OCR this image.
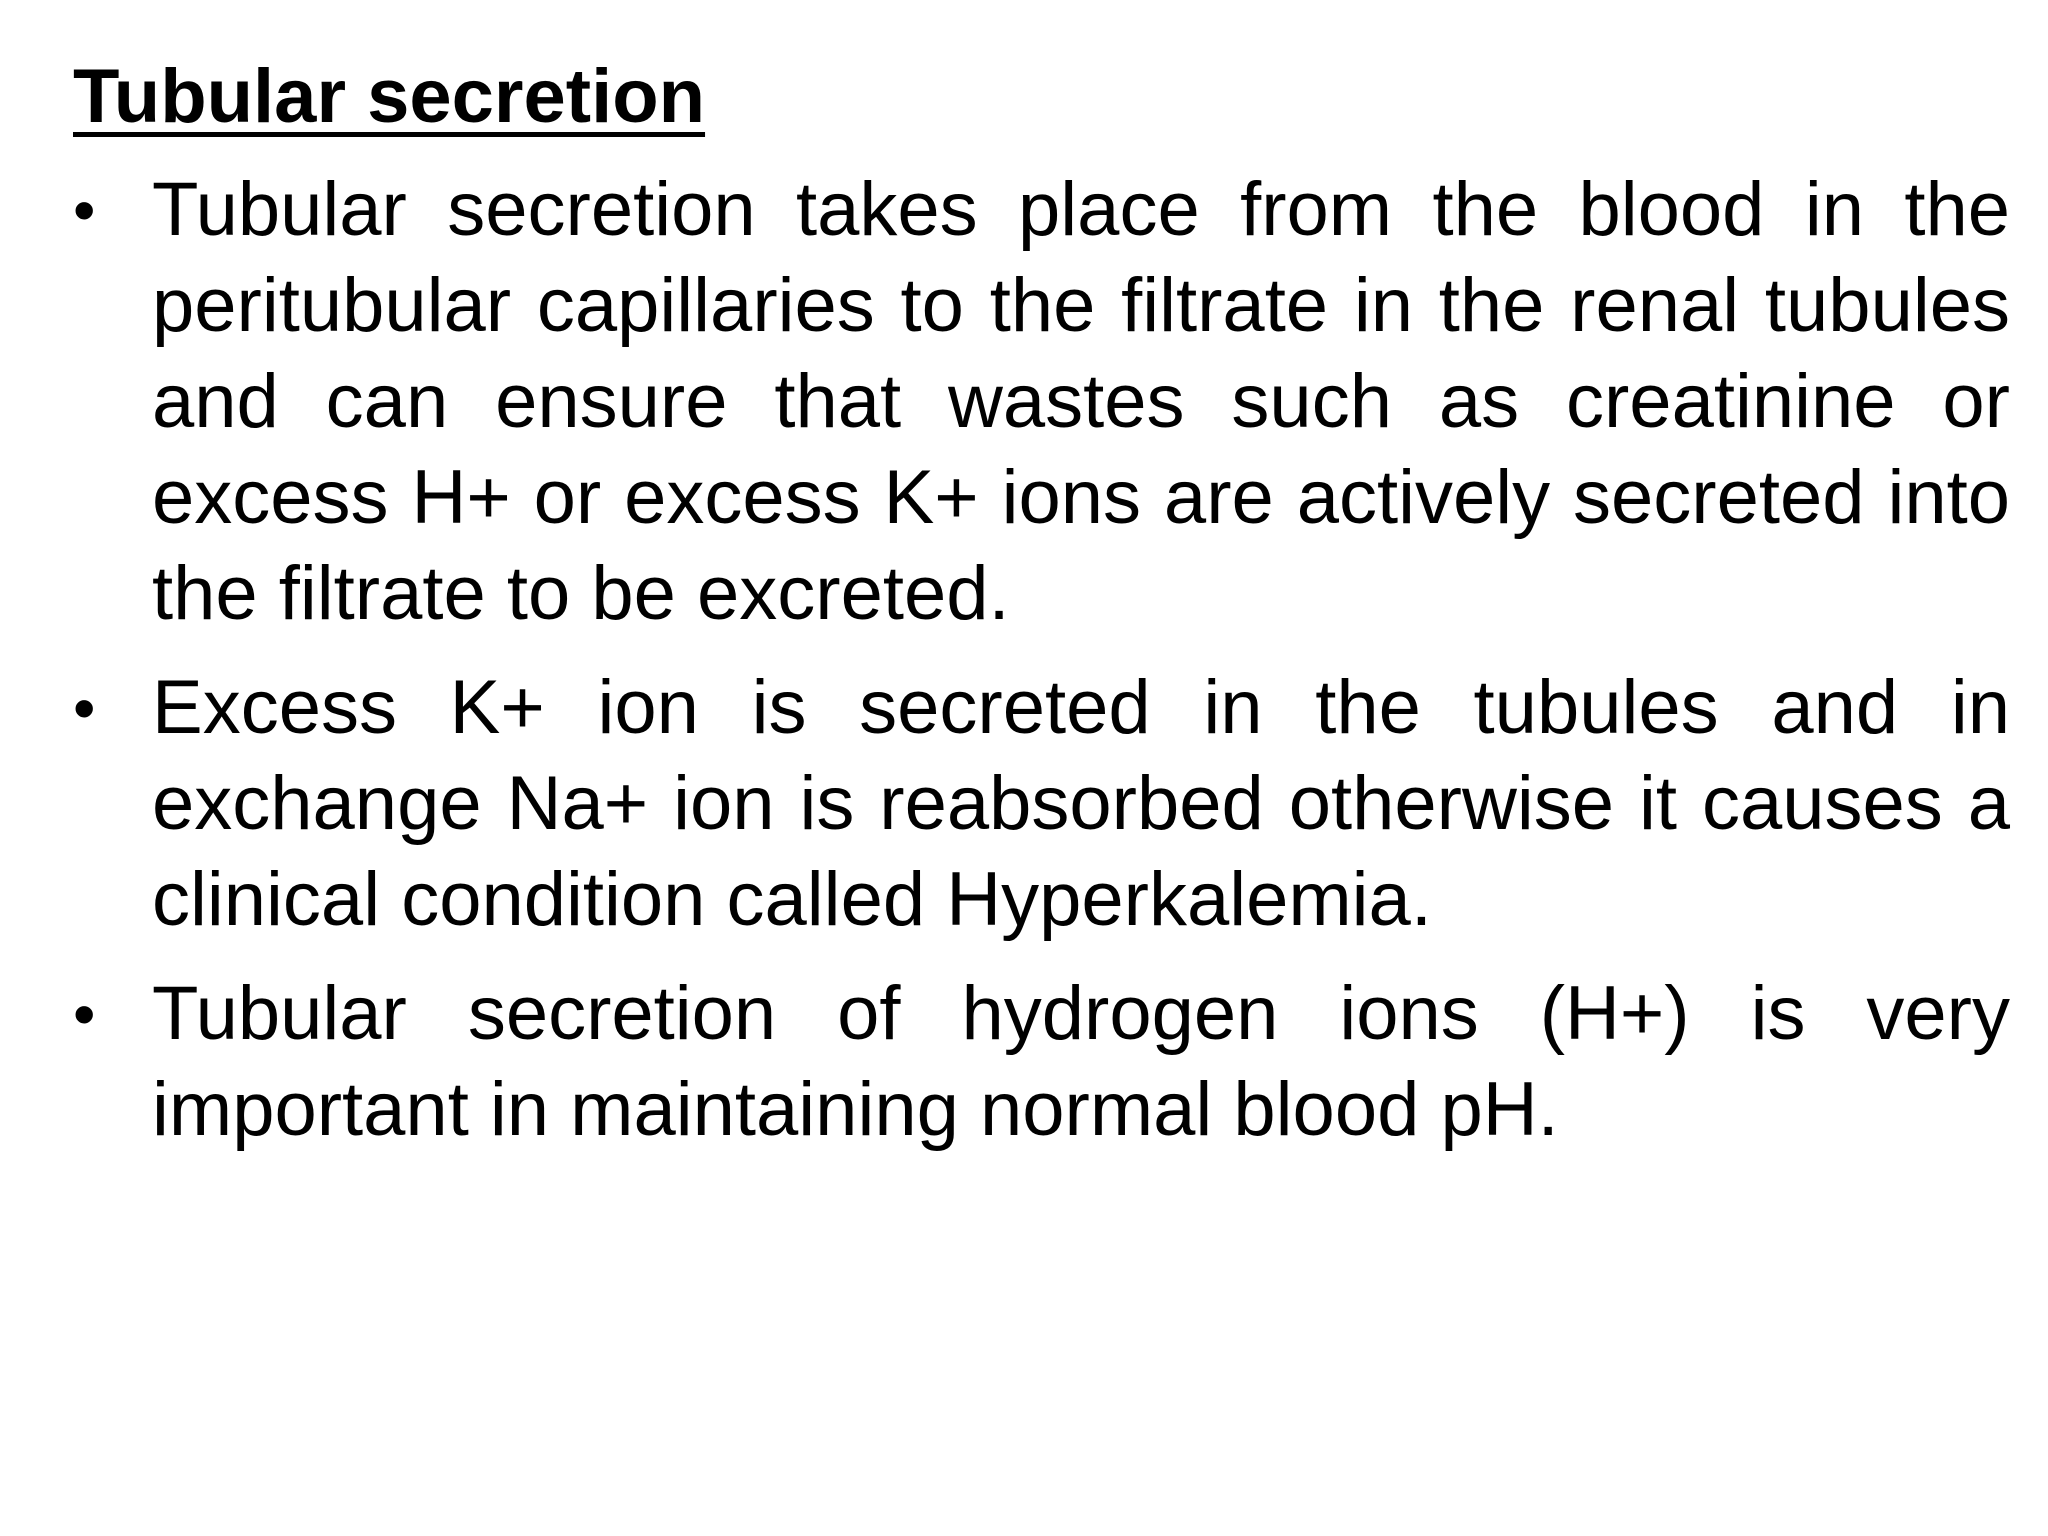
Tubular secretion
• Tubular secretion takes place from the blood in the peritubular capillaries to the filtrate in the renal tubules and can ensure that wastes such as creatinine or excess H+ or excess K+ ions are actively secreted into the filtrate to be excreted.
• Excess K+ ion is secreted in the tubules and in exchange Na+ ion is reabsorbed otherwise it causes a clinical condition called Hyperkalemia.
• Tubular secretion of hydrogen ions (H+) is very important in maintaining normal blood pH.
